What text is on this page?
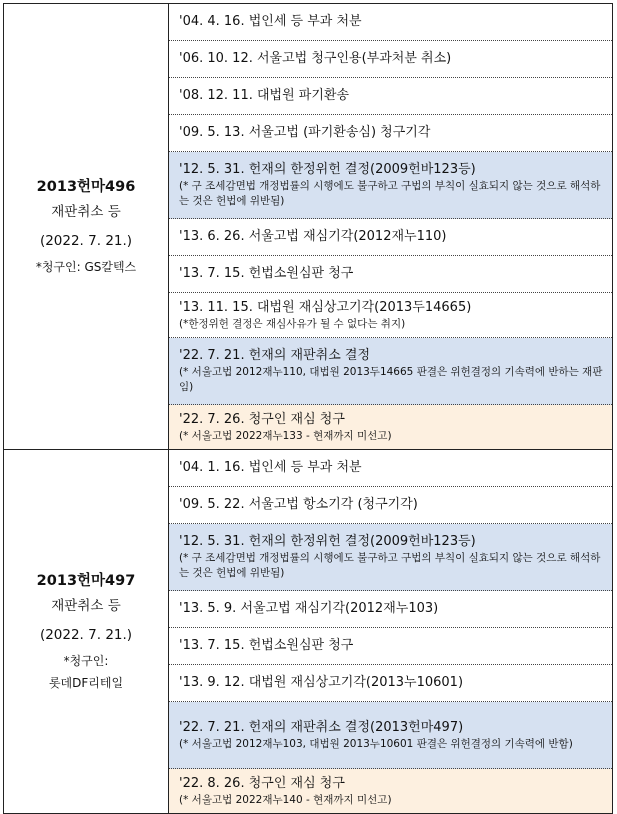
2013헌마496
재판취소 등
(2022. 7. 21.)
*청구인: GS칼텍스	'04. 4. 16. 법인세 등 부과 처분

	'06. 10. 12. 서울고법 청구인용(부과처분 취소)

	'08. 12. 11. 대법원 파기환송

	'09. 5. 13. 서울고법 (파기환송심) 청구기각

	'12. 5. 31. 헌재의 한정위헌 결정(2009헌바123등)
(* 구 조세감면법 개정법률의 시행에도 불구하고 구법의 부칙이 실효되지 않는 것으로 해석하는 것은 헌법에 위반됨)

	'13. 6. 26. 서울고법 재심기각(2012재누110)

	'13. 7. 15. 헌법소원심판 청구

	'13. 11. 15. 대법원 재심상고기각(2013두14665)
(*한정위헌 결정은 재심사유가 될 수 없다는 취지)

	'22. 7. 21. 헌재의 재판취소 결정
(* 서울고법 2012재누110, 대법원 2013두14665 판결은 위헌결정의 기속력에 반하는 재판임)

	'22. 7. 26. 청구인 재심 청구
(* 서울고법 2022재누133 - 현재까지 미선고)

2013헌마497
재판취소 등
(2022. 7. 21.)
*청구인:
롯데DF리테일	'04. 1. 16. 법인세 등 부과 처분

	'09. 5. 22. 서울고법 항소기각 (청구기각)

	'12. 5. 31. 헌재의 한정위헌 결정(2009헌바123등)
(* 구 조세감면법 개정법률의 시행에도 불구하고 구법의 부칙이 실효되지 않는 것으로 해석하는 것은 헌법에 위반됨)

	'13. 5. 9. 서울고법 재심기각(2012재누103)

	'13. 7. 15. 헌법소원심판 청구

	'13. 9. 12. 대법원 재심상고기각(2013누10601)

	'22. 7. 21. 헌재의 재판취소 결정(2013헌마497)
(* 서울고법 2012재누103, 대법원 2013누10601 판결은 위헌결정의 기속력에 반함)

	'22. 8. 26. 청구인 재심 청구
(* 서울고법 2022재누140 - 현재까지 미선고)
